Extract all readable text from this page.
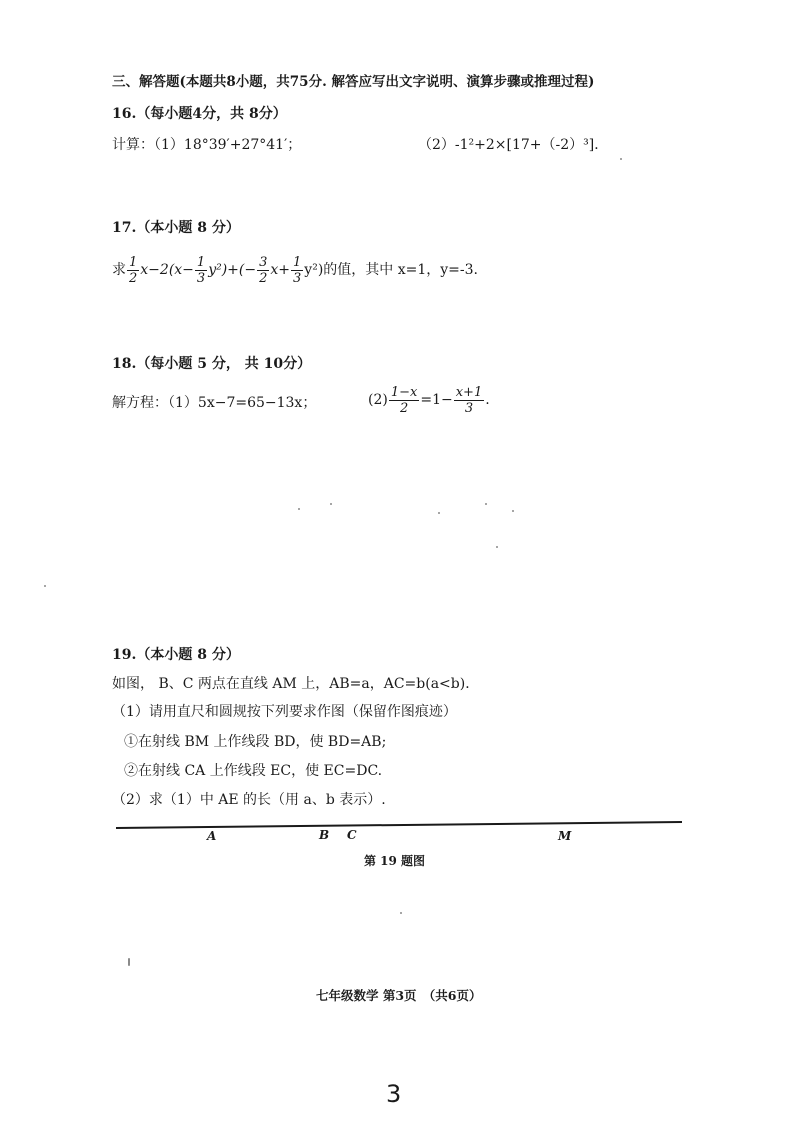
三、解答题(本题共8小题，共75分. 解答应写出文字说明、演算步骤或推理过程)
16.（每小题4分，共 8分）
计算：（1）18°39′+27°41′；	（2）-1²+2×[17+（-2）³]．
17.（本小题 8 分）
求 $\frac{1}{2} x-2(x- \frac{1}{3} y^2)+(- \frac{3}{2} x+ \frac{1}{3} y^2)$的值，其中 x=1，y=-3.
18.（每小题 5 分， 共 10分）
解方程：（1）5x−7=65−13x；	$(2) \frac{1-x}{2} =1- \frac{x+1}{3}$ .
19.（本小题 8 分）
如图， B、C 两点在直线 AM 上，AB=a，AC=b(a<b)．
（1）请用直尺和圆规按下列要求作图（保留作图痕迹）
①在射线 BM 上作线段 BD，使 BD=AB;
②在射线 CA 上作线段 EC，使 EC=DC.
（2）求（1）中 AE 的长（用 a、b 表示）.
A	B C	M
第 19 题图
七年级数学 第3页　（共6页）
3
